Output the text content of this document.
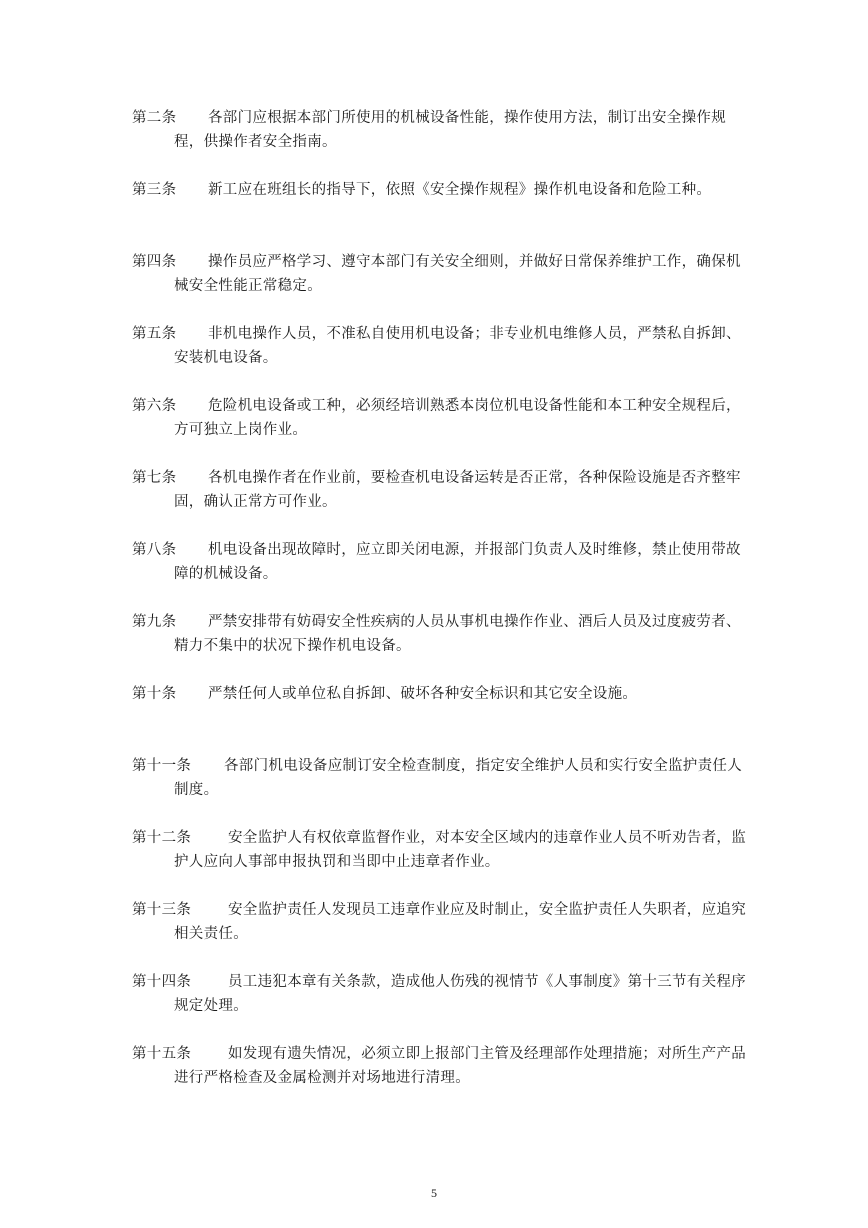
第二条	各部门应根据本部门所使用的机械设备性能，操作使用方法，制订出安全操作规程，供操作者安全指南。
第三条	新工应在班组长的指导下，依照《安全操作规程》操作机电设备和危险工种。
第四条	操作员应严格学习、遵守本部门有关安全细则，并做好日常保养维护工作，确保机械安全性能正常稳定。
第五条	非机电操作人员，不准私自使用机电设备；非专业机电维修人员，严禁私自拆卸、安装机电设备。
第六条	危险机电设备或工种，必须经培训熟悉本岗位机电设备性能和本工种安全规程后，方可独立上岗作业。
第七条	各机电操作者在作业前，要检查机电设备运转是否正常，各种保险设施是否齐整牢固，确认正常方可作业。
第八条	机电设备出现故障时，应立即关闭电源，并报部门负责人及时维修，禁止使用带故障的机械设备。
第九条	严禁安排带有妨碍安全性疾病的人员从事机电操作作业、酒后人员及过度疲劳者、精力不集中的状况下操作机电设备。
第十条	严禁任何人或单位私自拆卸、破坏各种安全标识和其它安全设施。
第十一条	各部门机电设备应制订安全检查制度，指定安全维护人员和实行安全监护责任人制度。
第十二条	安全监护人有权依章监督作业，对本安全区域内的违章作业人员不听劝告者，监护人应向人事部申报执罚和当即中止违章者作业。
第十三条	安全监护责任人发现员工违章作业应及时制止，安全监护责任人失职者，应追究相关责任。
第十四条	员工违犯本章有关条款，造成他人伤残的视情节《人事制度》第十三节有关程序规定处理。
第十五条	如发现有遗失情况，必须立即上报部门主管及经理部作处理措施；对所生产产品进行严格检查及金属检测并对场地进行清理。
5
